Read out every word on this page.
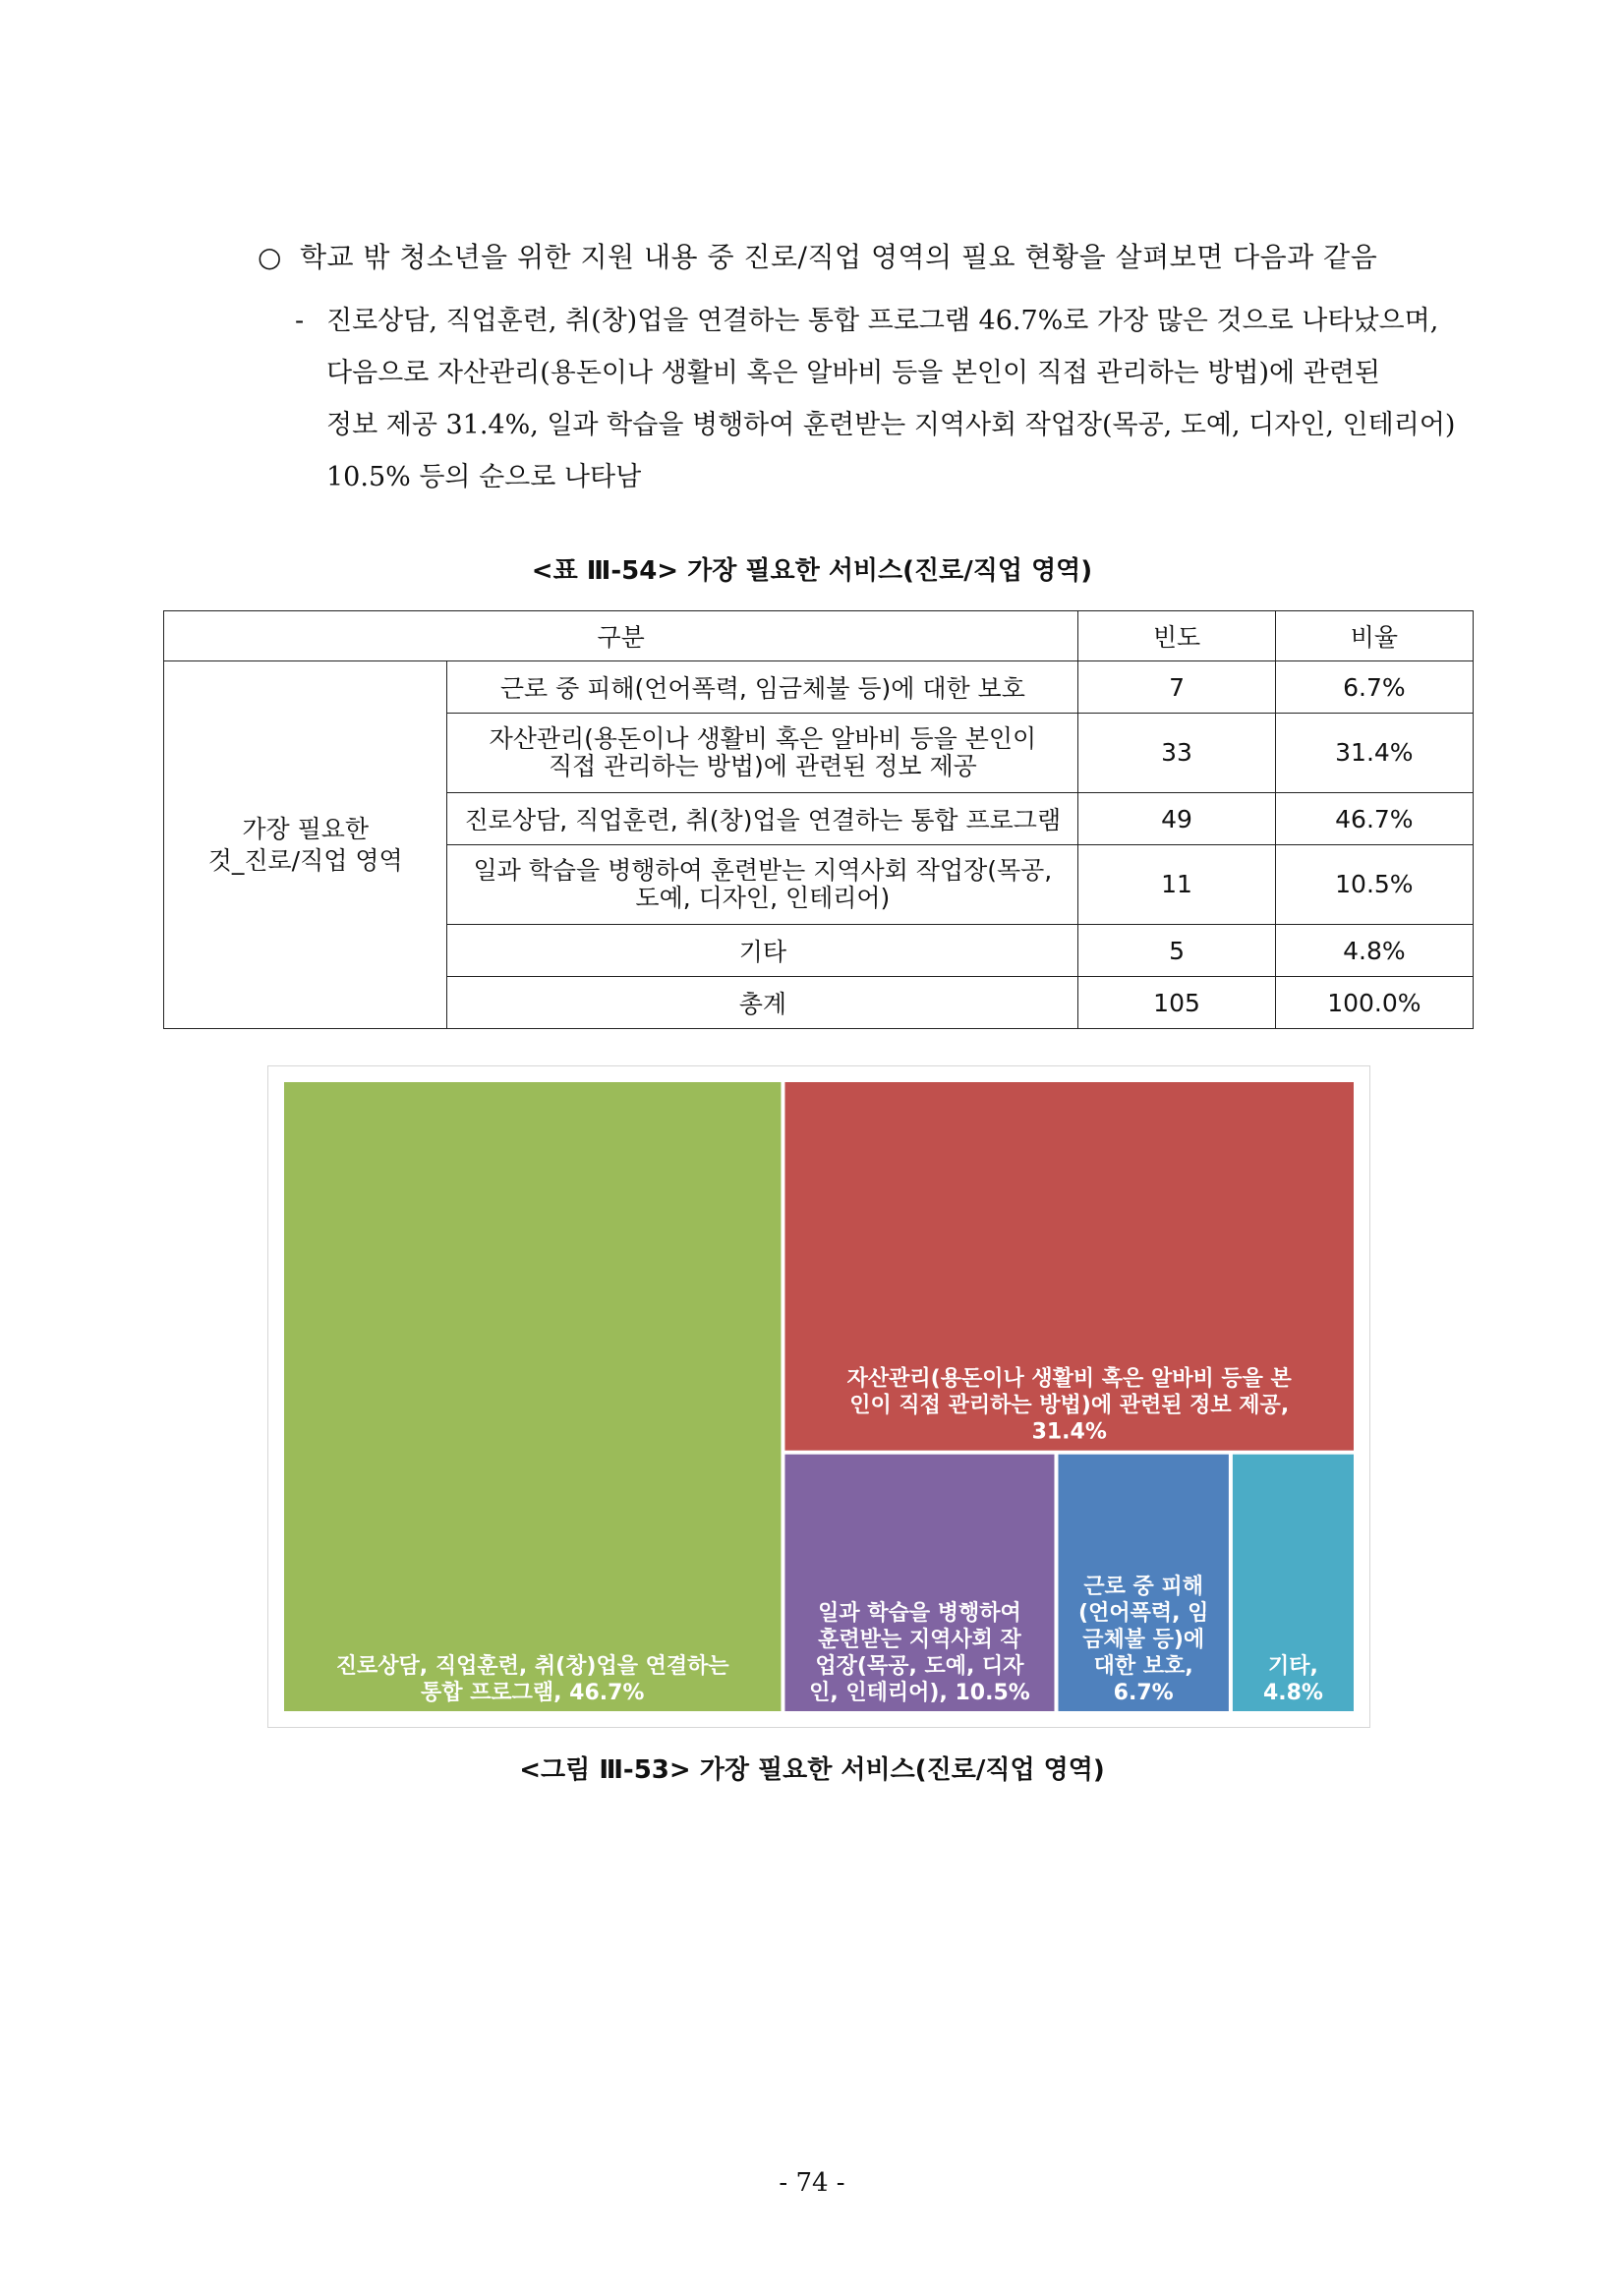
○ 학교 밖 청소년을 위한 지원 내용 중 진로/직업 영역의 필요 현황을 살펴보면 다음과 같음
- 진로상담, 직업훈련, 취(창)업을 연결하는 통합 프로그램 46.7%로 가장 많은 것으로 나타났으며,
다음으로 자산관리(용돈이나 생활비 혹은 알바비 등을 본인이 직접 관리하는 방법)에 관련된
정보 제공 31.4%, 일과 학습을 병행하여 훈련받는 지역사회 작업장(목공, 도예, 디자인, 인테리어)
10.5% 등의 순으로 나타남
<표 Ⅲ-54> 가장 필요한 서비스(진로/직업 영역)
구분		빈도	비율

가장 필요한
것_진로/직업 영역	근로 중 피해(언어폭력, 임금체불 등)에 대한 보호	7	6.7%

	자산관리(용돈이나 생활비 혹은 알바비 등을 본인이
직접 관리하는 방법)에 관련된 정보 제공	33	31.4%

	진로상담, 직업훈련, 취(창)업을 연결하는 통합 프로그램	49	46.7%

	일과 학습을 병행하여 훈련받는 지역사회 작업장(목공,
도예, 디자인, 인테리어)	11	10.5%

	기타	5	4.8%
	총계	105	100.0%
진로상담, 직업훈련, 취(창)업을 연결하는
통합 프로그램, 46.7%
자산관리(용돈이나 생활비 혹은 알바비 등을 본
인이 직접 관리하는 방법)에 관련된 정보 제공,
31.4%
일과 학습을 병행하여
훈련받는 지역사회 작
업장(목공, 도예, 디자
인, 인테리어), 10.5%
근로 중 피해
(언어폭력, 임
금체불 등)에
대한 보호,
6.7%
기타,
4.8%
<그림 Ⅲ-53> 가장 필요한 서비스(진로/직업 영역)
- 74 -
